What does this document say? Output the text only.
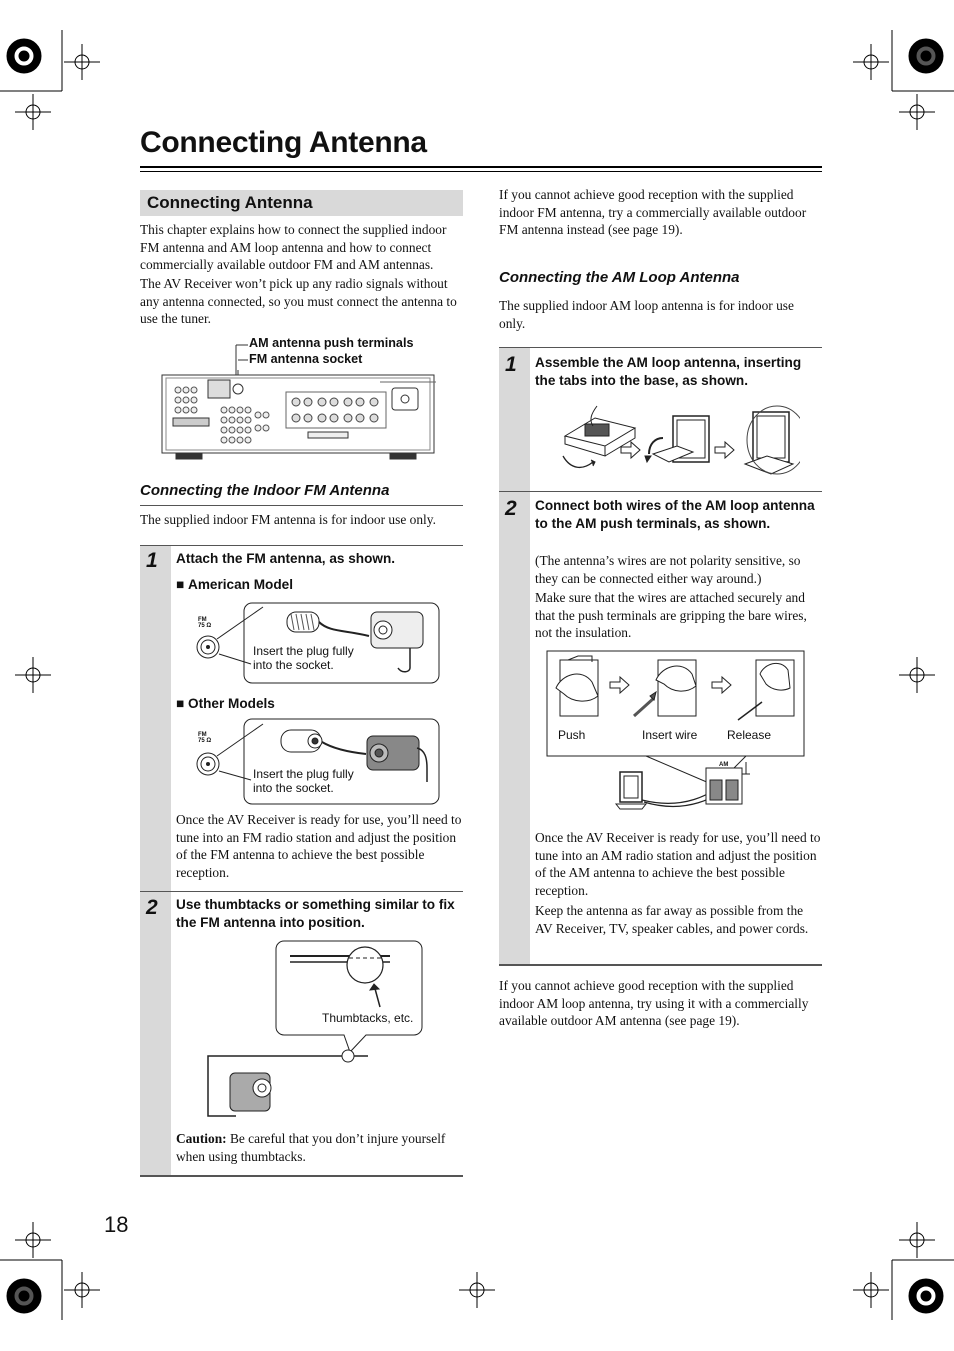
Connecting Antenna
Connecting Antenna
This chapter explains how to connect the supplied indoor FM antenna and AM loop antenna and how to connect commercially available outdoor FM and AM antennas.
The AV Receiver won’t pick up any radio signals without any antenna connected, so you must connect the antenna to use the tuner.
AM antenna push terminals
FM antenna socket
Connecting the Indoor FM Antenna
The supplied indoor FM antenna is for indoor use only.
1 Attach the FM antenna, as shown.
■ American Model
FM
75 Ω
Insert the plug fully
into the socket.
■ Other Models
FM
75 Ω
Insert the plug fully
into the socket.
Once the AV Receiver is ready for use, you’ll need to tune into an FM radio station and adjust the position of the FM antenna to achieve the best possible reception.
2 Use thumbtacks or something similar to fix the FM antenna into position.
Thumbtacks, etc.
Caution: Be careful that you don’t injure yourself when using thumbtacks.
18
If you cannot achieve good reception with the supplied indoor FM antenna, try a commercially available outdoor FM antenna instead (see page 19).
Connecting the AM Loop Antenna
The supplied indoor AM loop antenna is for indoor use only.
1 Assemble the AM loop antenna, inserting the tabs into the base, as shown.
2 Connect both wires of the AM loop antenna to the AM push terminals, as shown.
(The antenna’s wires are not polarity sensitive, so they can be connected either way around.)
Make sure that the wires are attached securely and that the push terminals are gripping the bare wires, not the insulation.
Push	Insert wire Release
AM
Once the AV Receiver is ready for use, you’ll need to tune into an AM radio station and adjust the position of the AM antenna to achieve the best possible reception.
Keep the antenna as far away as possible from the AV Receiver, TV, speaker cables, and power cords.
If you cannot achieve good reception with the supplied indoor AM loop antenna, try using it with a commercially available outdoor AM antenna (see page 19).
